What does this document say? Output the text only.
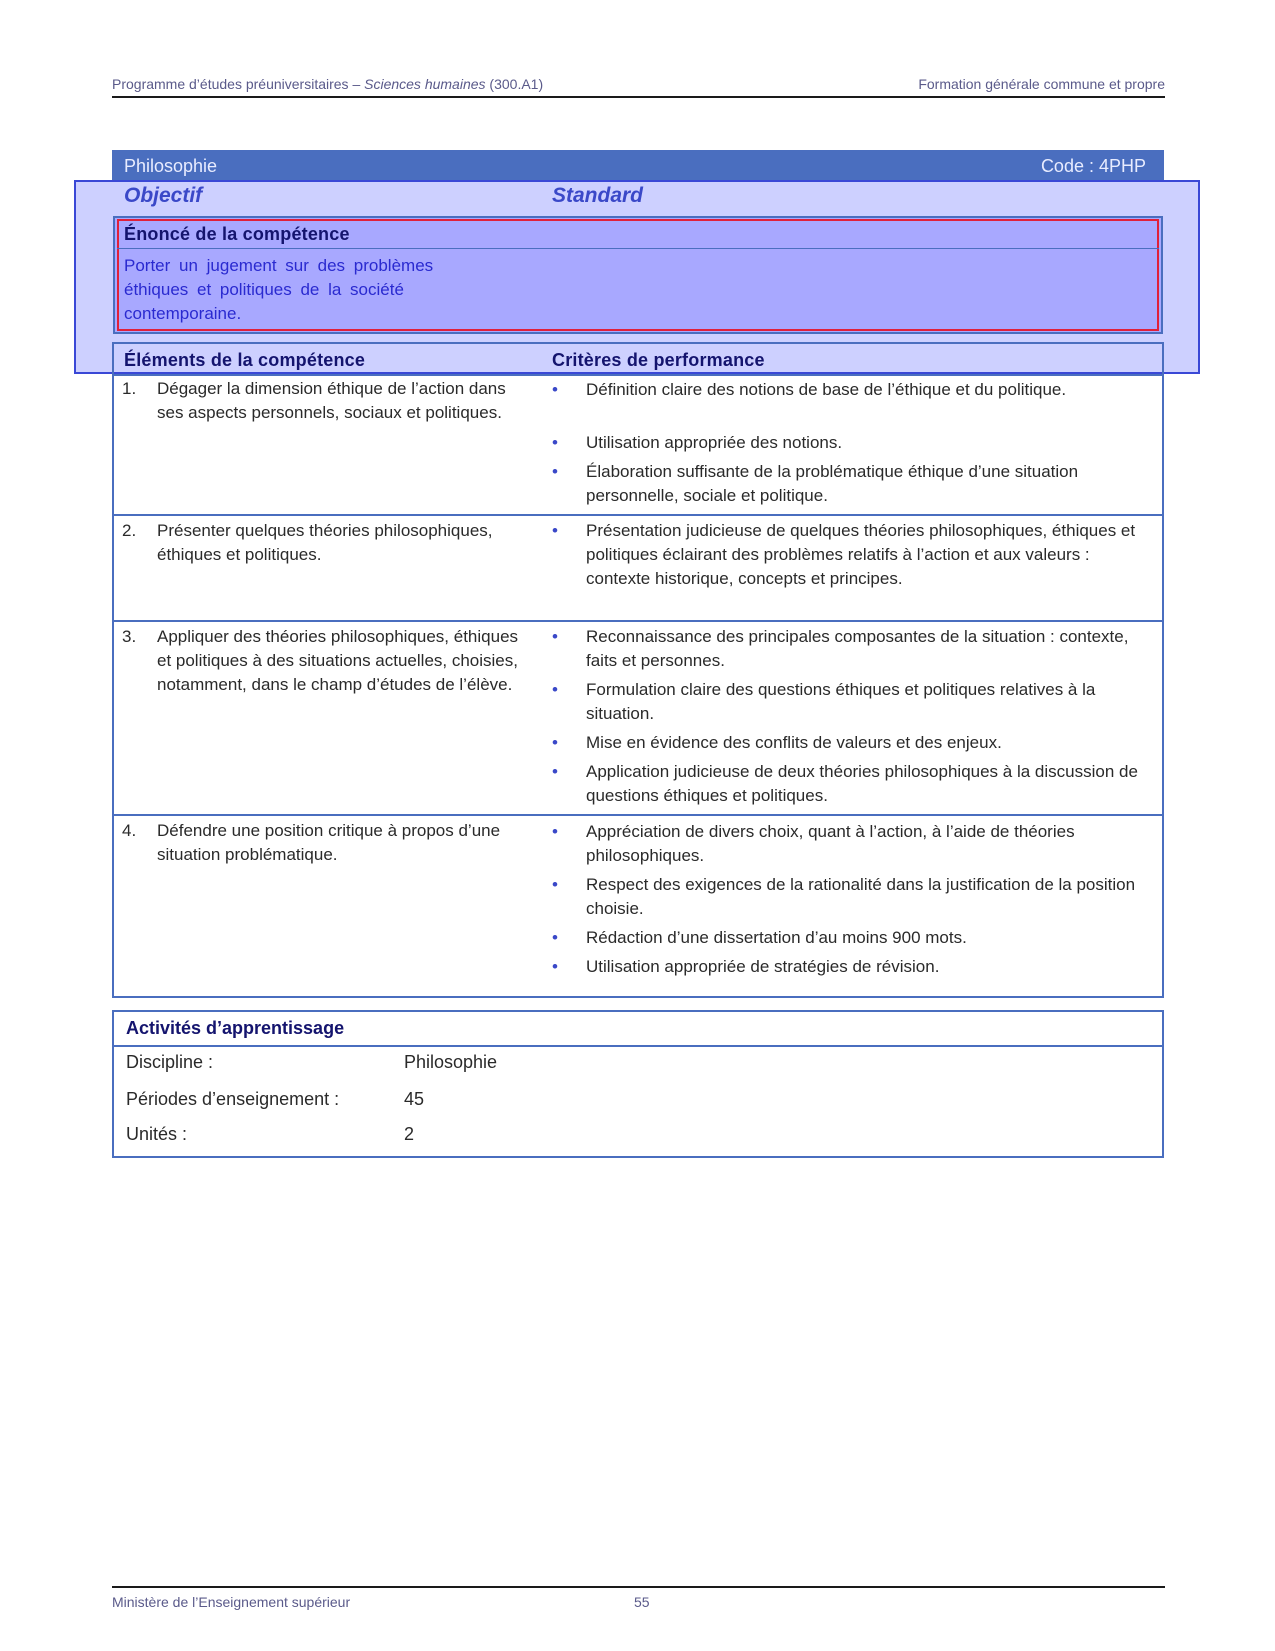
Programme d’études préuniversitaires – Sciences humaines (300.A1)	Formation générale commune et propre
Philosophie	Code : 4PHP
Objectif	Standard
Énoncé de la compétence
Porter un jugement sur des problèmes éthiques et politiques de la société contemporaine.
Éléments de la compétence	Critères de performance
1. Dégager la dimension éthique de l’action dans ses aspects personnels, sociaux et politiques.
• Définition claire des notions de base de l’éthique et du politique.
• Utilisation appropriée des notions.
• Élaboration suffisante de la problématique éthique d’une situation personnelle, sociale et politique.
2. Présenter quelques théories philosophiques, éthiques et politiques.
• Présentation judicieuse de quelques théories philosophiques, éthiques et politiques éclairant des problèmes relatifs à l’action et aux valeurs : contexte historique, concepts et principes.
3. Appliquer des théories philosophiques, éthiques et politiques à des situations actuelles, choisies, notamment, dans le champ d’études de l’élève.
• Reconnaissance des principales composantes de la situation : contexte, faits et personnes.
• Formulation claire des questions éthiques et politiques relatives à la situation.
• Mise en évidence des conflits de valeurs et des enjeux.
• Application judicieuse de deux théories philosophiques à la discussion de questions éthiques et politiques.
4. Défendre une position critique à propos d’une situation problématique.
• Appréciation de divers choix, quant à l’action, à l’aide de théories philosophiques.
• Respect des exigences de la rationalité dans la justification de la position choisie.
• Rédaction d’une dissertation d’au moins 900 mots.
• Utilisation appropriée de stratégies de révision.
Activités d’apprentissage
Discipline :	Philosophie
Périodes d’enseignement :	45
Unités :	2
Ministère de l’Enseignement supérieur	55
